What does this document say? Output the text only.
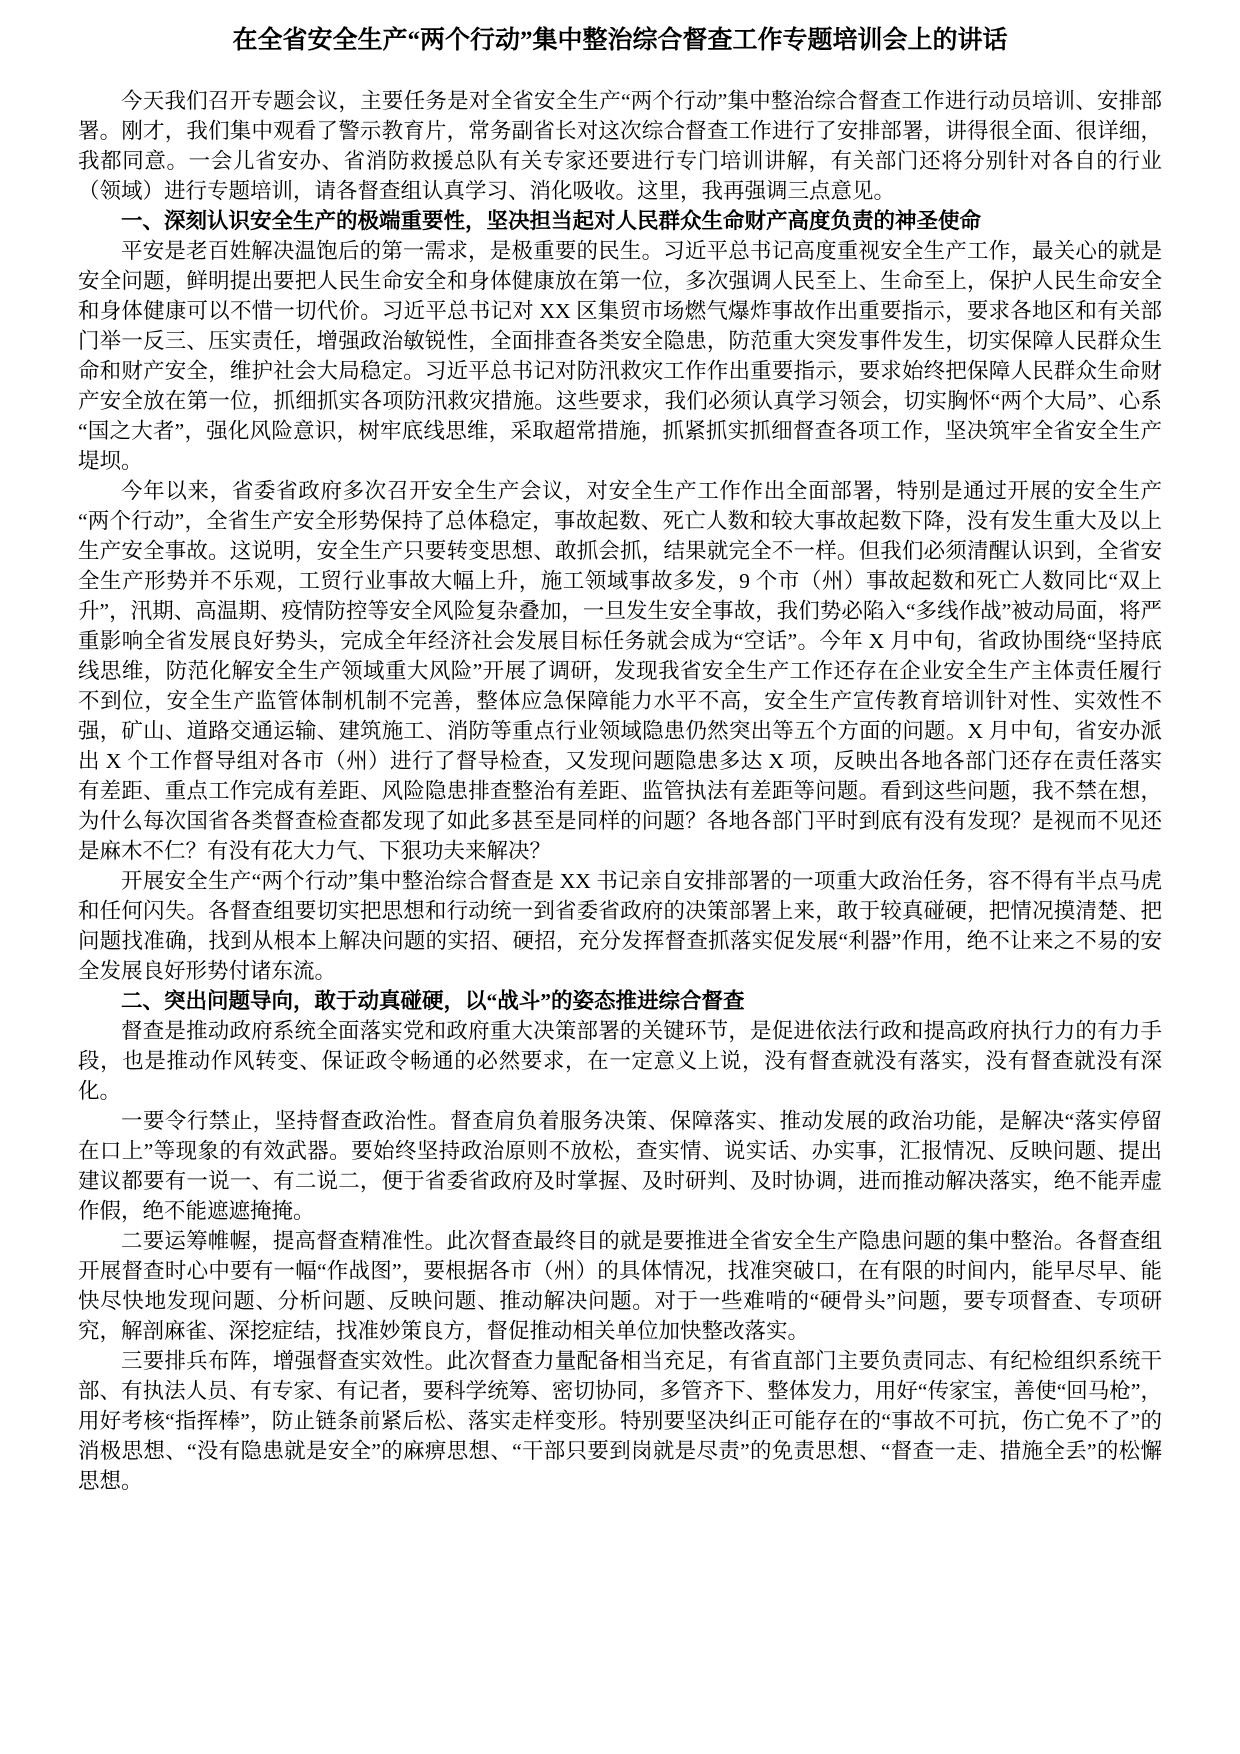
在全省安全生产“两个行动”集中整治综合督查工作专题培训会上的讲话

今天我们召开专题会议，主要任务是对全省安全生产“两个行动”集中整治综合督查工作进行动员培训、安排部署。刚才，我们集中观看了警示教育片，常务副省长对这次综合督查工作进行了安排部署，讲得很全面、很详细，我都同意。一会儿省安办、省消防救援总队有关专家还要进行专门培训讲解，有关部门还将分别针对各自的行业（领域）进行专题培训，请各督查组认真学习、消化吸收。这里，我再强调三点意见。

一、深刻认识安全生产的极端重要性，坚决担当起对人民群众生命财产高度负责的神圣使命

平安是老百姓解决温饱后的第一需求，是极重要的民生。习近平总书记高度重视安全生产工作，最关心的就是安全问题，鲜明提出要把人民生命安全和身体健康放在第一位，多次强调人民至上、生命至上，保护人民生命安全和身体健康可以不惜一切代价。习近平总书记对 XX 区集贸市场燃气爆炸事故作出重要指示，要求各地区和有关部门举一反三、压实责任，增强政治敏锐性，全面排查各类安全隐患，防范重大突发事件发生，切实保障人民群众生命和财产安全，维护社会大局稳定。习近平总书记对防汛救灾工作作出重要指示，要求始终把保障人民群众生命财产安全放在第一位，抓细抓实各项防汛救灾措施。这些要求，我们必须认真学习领会，切实胸怀“两个大局”、心系“国之大者”，强化风险意识，树牢底线思维，采取超常措施，抓紧抓实抓细督查各项工作，坚决筑牢全省安全生产堤坝。

今年以来，省委省政府多次召开安全生产会议，对安全生产工作作出全面部署，特别是通过开展的安全生产“两个行动”，全省生产安全形势保持了总体稳定，事故起数、死亡人数和较大事故起数下降，没有发生重大及以上生产安全事故。这说明，安全生产只要转变思想、敢抓会抓，结果就完全不一样。但我们必须清醒认识到，全省安全生产形势并不乐观，工贸行业事故大幅上升，施工领域事故多发，9 个市（州）事故起数和死亡人数同比“双上升”，汛期、高温期、疫情防控等安全风险复杂叠加，一旦发生安全事故，我们势必陷入“多线作战”被动局面，将严重影响全省发展良好势头，完成全年经济社会发展目标任务就会成为“空话”。今年 X 月中旬，省政协围绕“坚持底线思维，防范化解安全生产领域重大风险”开展了调研，发现我省安全生产工作还存在企业安全生产主体责任履行不到位，安全生产监管体制机制不完善，整体应急保障能力水平不高，安全生产宣传教育培训针对性、实效性不强，矿山、道路交通运输、建筑施工、消防等重点行业领域隐患仍然突出等五个方面的问题。X 月中旬，省安办派出 X 个工作督导组对各市（州）进行了督导检查，又发现问题隐患多达 X 项，反映出各地各部门还存在责任落实有差距、重点工作完成有差距、风险隐患排查整治有差距、监管执法有差距等问题。看到这些问题，我不禁在想，为什么每次国省各类督查检查都发现了如此多甚至是同样的问题？各地各部门平时到底有没有发现？是视而不见还是麻木不仁？有没有花大力气、下狠功夫来解决？

开展安全生产“两个行动”集中整治综合督查是 XX 书记亲自安排部署的一项重大政治任务，容不得有半点马虎和任何闪失。各督查组要切实把思想和行动统一到省委省政府的决策部署上来，敢于较真碰硬，把情况摸清楚、把问题找准确，找到从根本上解决问题的实招、硬招，充分发挥督查抓落实促发展“利器”作用，绝不让来之不易的安全发展良好形势付诸东流。

二、突出问题导向，敢于动真碰硬，以“战斗”的姿态推进综合督查

督查是推动政府系统全面落实党和政府重大决策部署的关键环节，是促进依法行政和提高政府执行力的有力手段，也是推动作风转变、保证政令畅通的必然要求，在一定意义上说，没有督查就没有落实，没有督查就没有深化。

一要令行禁止，坚持督查政治性。督查肩负着服务决策、保障落实、推动发展的政治功能，是解决“落实停留在口上”等现象的有效武器。要始终坚持政治原则不放松，查实情、说实话、办实事，汇报情况、反映问题、提出建议都要有一说一、有二说二，便于省委省政府及时掌握、及时研判、及时协调，进而推动解决落实，绝不能弄虚作假，绝不能遮遮掩掩。

二要运筹帷幄，提高督查精准性。此次督查最终目的就是要推进全省安全生产隐患问题的集中整治。各督查组开展督查时心中要有一幅“作战图”，要根据各市（州）的具体情况，找准突破口，在有限的时间内，能早尽早、能快尽快地发现问题、分析问题、反映问题、推动解决问题。对于一些难啃的“硬骨头”问题，要专项督查、专项研究，解剖麻雀、深挖症结，找准妙策良方，督促推动相关单位加快整改落实。

三要排兵布阵，增强督查实效性。此次督查力量配备相当充足，有省直部门主要负责同志、有纪检组织系统干部、有执法人员、有专家、有记者，要科学统筹、密切协同，多管齐下、整体发力，用好“传家宝，善使“回马枪”，用好考核“指挥棒”，防止链条前紧后松、落实走样变形。特别要坚决纠正可能存在的“事故不可抗，伤亡免不了”的消极思想、“没有隐患就是安全”的麻痹思想、“干部只要到岗就是尽责”的免责思想、“督查一走、措施全丢”的松懈思想。
